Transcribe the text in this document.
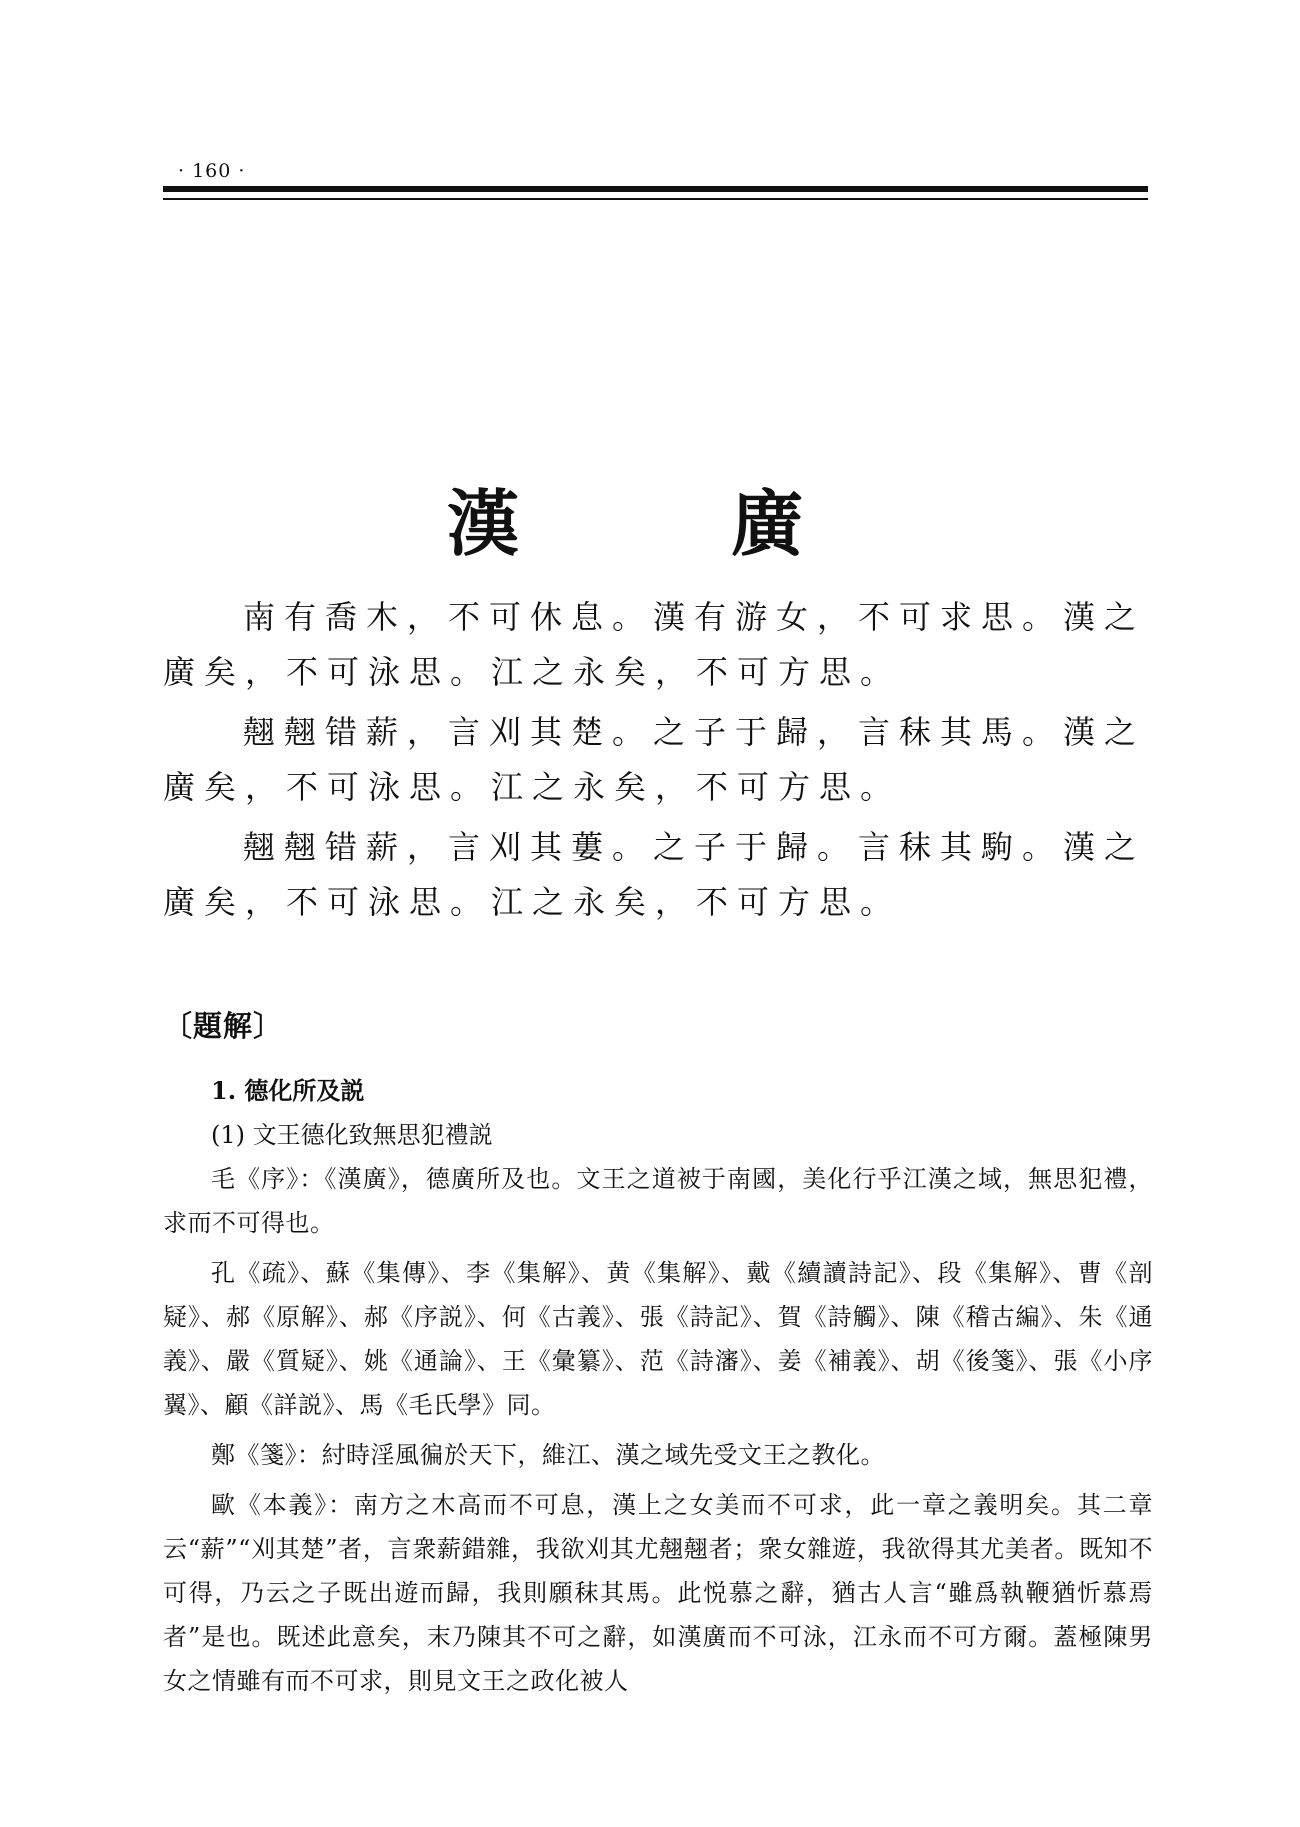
· 160 ·
漢　廣

南有喬木，不可休息。漢有游女，不可求思。漢之廣矣，不可泳思。江之永矣，不可方思。

翹翹错薪，言刈其楚。之子于歸，言秣其馬。漢之廣矣，不可泳思。江之永矣，不可方思。

翹翹错薪，言刈其蔞。之子于歸。言秣其駒。漢之廣矣，不可泳思。江之永矣，不可方思。

〔題解〕

1. 德化所及説

(1) 文王德化致無思犯禮説

毛《序》：《漢廣》，德廣所及也。文王之道被于南國，美化行乎江漢之域，無思犯禮，求而不可得也。

孔《疏》、蘇《集傳》、李《集解》、黄《集解》、戴《續讀詩記》、段《集解》、曹《剖疑》、郝《原解》、郝《序説》、何《古義》、張《詩記》、賀《詩觸》、陳《稽古編》、朱《通義》、嚴《質疑》、姚《通論》、王《彙纂》、范《詩瀋》、姜《補義》、胡《後箋》、張《小序翼》、顧《詳説》、馬《毛氏學》同。

鄭《箋》：紂時淫風徧於天下，維江、漢之域先受文王之教化。

歐《本義》：南方之木高而不可息，漢上之女美而不可求，此一章之義明矣。其二章云“薪”“刈其楚”者，言衆薪錯雜，我欲刈其尤翹翹者；衆女雜遊，我欲得其尤美者。既知不可得，乃云之子既出遊而歸，我則願秣其馬。此悦慕之辭，猶古人言“雖爲執鞭猶忻慕焉者”是也。既述此意矣，末乃陳其不可之辭，如漢廣而不可泳，江永而不可方爾。蓋極陳男女之情雖有而不可求，則見文王之政化被人
